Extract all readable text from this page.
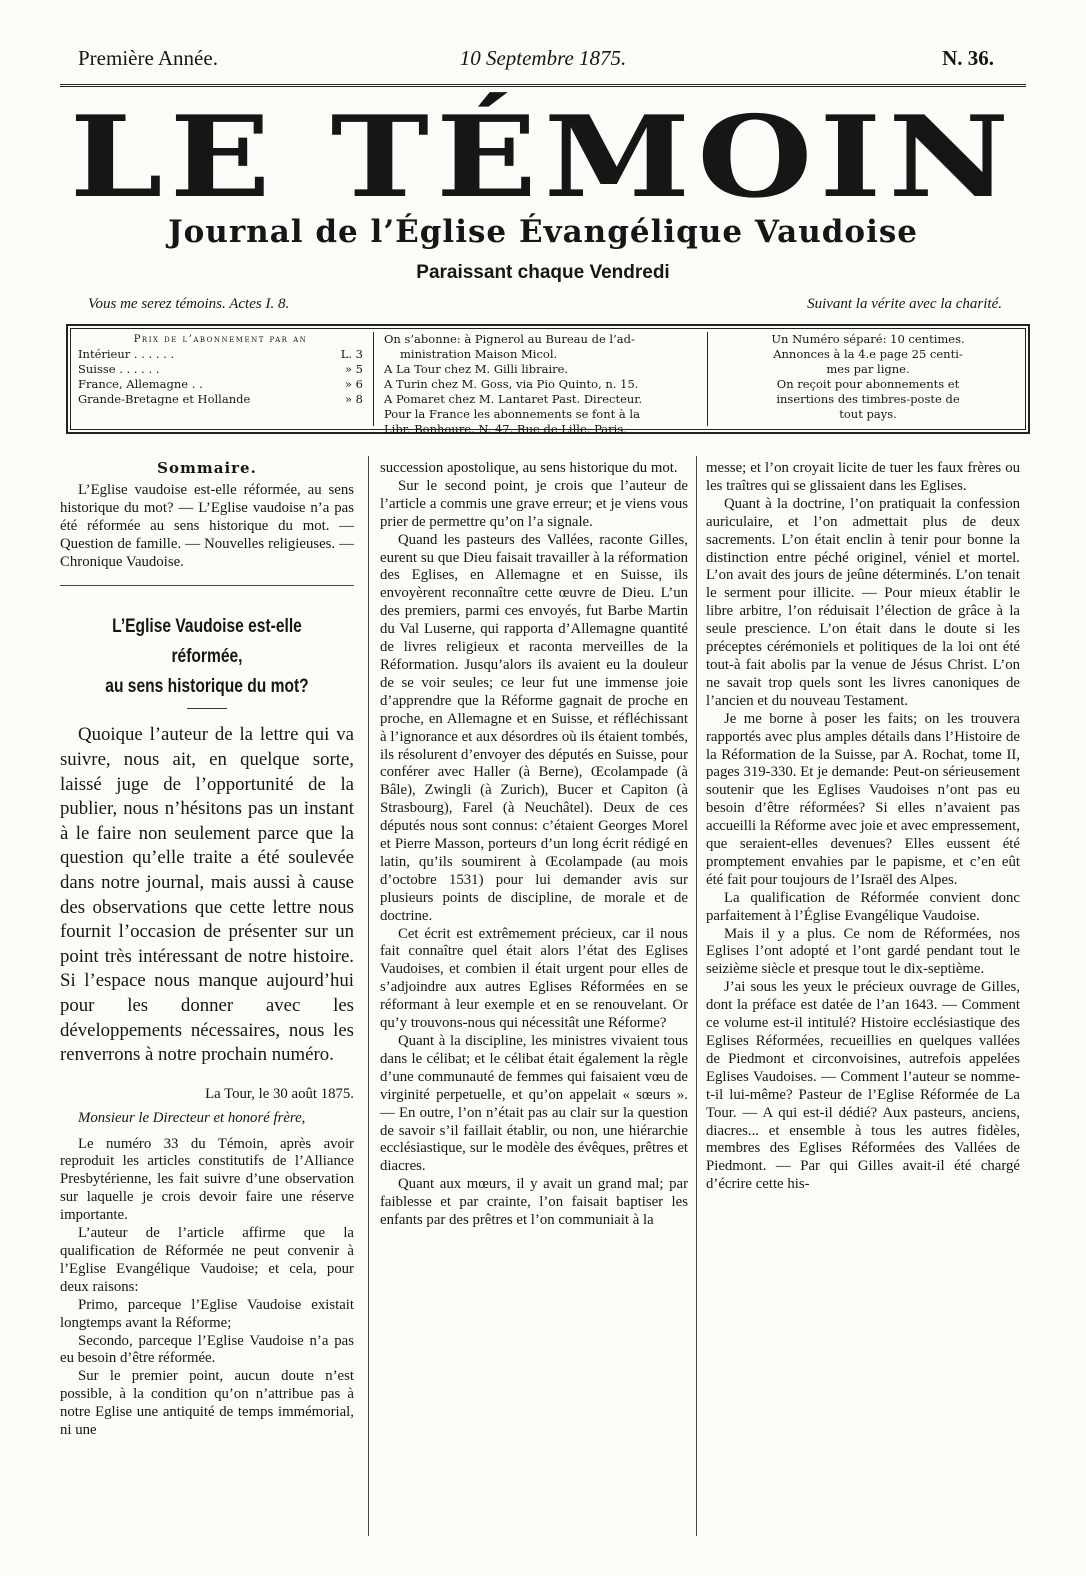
Première Année.	10 Septembre 1875.	N. 36.
LE TÉMOIN
Journal de l’Église Évangélique Vaudoise
Paraissant chaque Vendredi
Vous me serez témoins. Actes I. 8.	Suivant la vérite avec la charité.
Prix de l’abonnement par an
Intérieur . . . . . .	L. 3
Suisse . . . . . .	» 5
France, Allemagne . .	» 6
Grande-Bretagne et Hollande	» 8
On s’abonne: à Pignerol au Bureau de l’ad-
ministration Maison Micol.
A La Tour chez M. Gilli libraire.
A Turin chez M. Goss, via Pio Quinto, n. 15.
A Pomaret chez M. Lantaret Past. Directeur.
Pour la France les abonnements se font à la
Libr. Bonhoure, N. 47, Rue de Lille, Paris.
Un Numéro séparé: 10 centimes.
Annonces à la 4.e page 25 centi-
mes par ligne.
On reçoit pour abonnements et
insertions des timbres-poste de
tout pays.
Sommaire.

L’Eglise vaudoise est-elle réformée, au sens historique du mot? — L’Eglise vaudoise n’a pas été réformée au sens historique du mot. — Question de famille. — Nouvelles religieuses. — Chronique Vaudoise.

L’Eglise Vaudoise est-elle réformée,
au sens historique du mot?

Quoique l’auteur de la lettre qui va suivre, nous ait, en quelque sorte, laissé juge de l’opportunité de la publier, nous n’hésitons pas un instant à le faire non seulement parce que la question qu’elle traite a été soulevée dans notre journal, mais aussi à cause des observations que cette lettre nous fournit l’occasion de présenter sur un point très intéressant de notre histoire. Si l’espace nous manque aujourd’hui pour les donner avec les développements nécessaires, nous les renverrons à notre prochain numéro.

La Tour, le 30 août 1875.

Monsieur le Directeur et honoré frère,

Le numéro 33 du Témoin, après avoir reproduit les articles constitutifs de l’Alliance Presbytérienne, les fait suivre d’une observation sur laquelle je crois devoir faire une réserve importante.

L’auteur de l’article affirme que la qualification de Réformée ne peut convenir à l’Eglise Evangélique Vaudoise; et cela, pour deux raisons:

Primo, parceque l’Eglise Vaudoise existait longtemps avant la Réforme;

Secondo, parceque l’Eglise Vaudoise n’a pas eu besoin d’être réformée.

Sur le premier point, aucun doute n’est possible, à la condition qu’on n’attribue pas à notre Eglise une antiquité de temps immémorial, ni une

succession apostolique, au sens historique du mot.

Sur le second point, je crois que l’auteur de l’article a commis une grave erreur; et je viens vous prier de permettre qu’on l’a signale.

Quand les pasteurs des Vallées, raconte Gilles, eurent su que Dieu faisait travailler à la réformation des Eglises, en Allemagne et en Suisse, ils envoyèrent reconnaître cette œuvre de Dieu. L’un des premiers, parmi ces envoyés, fut Barbe Martin du Val Luserne, qui rapporta d’Allemagne quantité de livres religieux et raconta merveilles de la Réformation. Jusqu’alors ils avaient eu la douleur de se voir seules; ce leur fut une immense joie d’apprendre que la Réforme gagnait de proche en proche, en Allemagne et en Suisse, et réfléchissant à l’ignorance et aux désordres où ils étaient tombés, ils résolurent d’envoyer des députés en Suisse, pour conférer avec Haller (à Berne), Œcolampade (à Bâle), Zwingli (à Zurich), Bucer et Capiton (à Strasbourg), Farel (à Neuchâtel). Deux de ces députés nous sont connus: c’étaient Georges Morel et Pierre Masson, porteurs d’un long écrit rédigé en latin, qu’ils soumirent à Œcolampade (au mois d’octobre 1531) pour lui demander avis sur plusieurs points de discipline, de morale et de doctrine.

Cet écrit est extrêmement précieux, car il nous fait connaître quel était alors l’état des Eglises Vaudoises, et combien il était urgent pour elles de s’adjoindre aux autres Eglises Réformées en se réformant à leur exemple et en se renouvelant. Or qu’y trouvons-nous qui nécessitât une Réforme?

Quant à la discipline, les ministres vivaient tous dans le célibat; et le célibat était également la règle d’une communauté de femmes qui faisaient vœu de virginité perpetuelle, et qu’on appelait « sœurs ». — En outre, l’on n’était pas au clair sur la question de savoir s’il faillait établir, ou non, une hiérarchie ecclésiastique, sur le modèle des évêques, prêtres et diacres.

Quant aux mœurs, il y avait un grand mal; par faiblesse et par crainte, l’on faisait baptiser les enfants par des prêtres et l’on communiait à la

messe; et l’on croyait licite de tuer les faux frères ou les traîtres qui se glissaient dans les Eglises.

Quant à la doctrine, l’on pratiquait la confession auriculaire, et l’on admettait plus de deux sacrements. L’on était enclin à tenir pour bonne la distinction entre péché originel, véniel et mortel. L’on avait des jours de jeûne déterminés. L’on tenait le serment pour illicite. — Pour mieux établir le libre arbitre, l’on réduisait l’élection de grâce à la seule prescience. L’on était dans le doute si les préceptes cérémoniels et politiques de la loi ont été tout-à fait abolis par la venue de Jésus Christ. L’on ne savait trop quels sont les livres canoniques de l’ancien et du nouveau Testament.

Je me borne à poser les faits; on les trouvera rapportés avec plus amples détails dans l’Histoire de la Réformation de la Suisse, par A. Rochat, tome II, pages 319-330. Et je demande: Peut-on sérieusement soutenir que les Eglises Vaudoises n’ont pas eu besoin d’être réformées? Si elles n’avaient pas accueilli la Réforme avec joie et avec empressement, que seraient-elles devenues? Elles eussent été promptement envahies par le papisme, et c’en eût été fait pour toujours de l’Israël des Alpes.

La qualification de Réformée convient donc parfaitement à l’Église Evangélique Vaudoise.

Mais il y a plus. Ce nom de Réformées, nos Eglises l’ont adopté et l’ont gardé pendant tout le seizième siècle et presque tout le dix-septième.

J’ai sous les yeux le précieux ouvrage de Gilles, dont la préface est datée de l’an 1643. — Comment ce volume est-il intitulé? Histoire ecclésiastique des Eglises Réformées, recueillies en quelques vallées de Piedmont et circonvoisines, autrefois appelées Eglises Vaudoises. — Comment l’auteur se nomme-t-il lui-même? Pasteur de l’Eglise Réformée de La Tour. — A qui est-il dédié? Aux pasteurs, anciens, diacres... et ensemble à tous les autres fidèles, membres des Eglises Réformées des Vallées de Piedmont. — Par qui Gilles avait-il été chargé d’écrire cette his-
